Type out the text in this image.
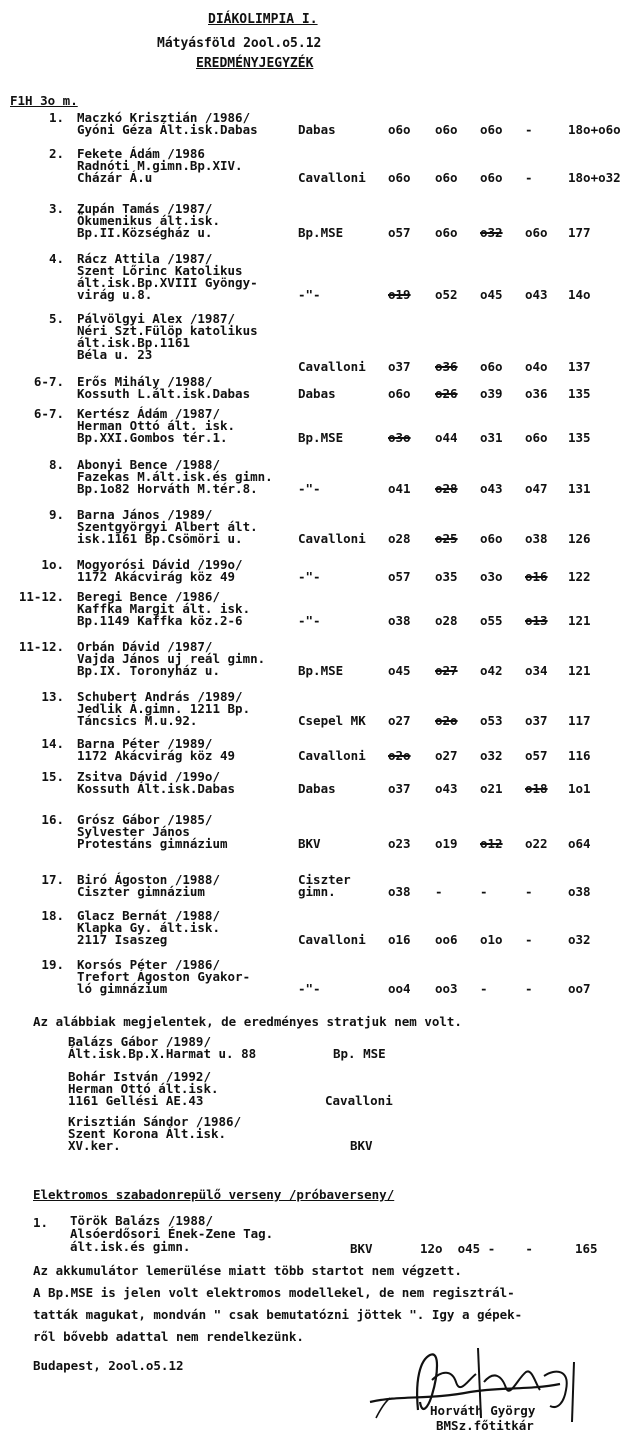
DIÁKOLIMPIA I.
Mátyásföld 2ool.o5.12
EREDMÉNYJEGYZÉK
F1H 3o m.
1. Maczkó Krisztián /1986/
Gyóni Géza Ált.isk.Dabas	Dabas	o6o o6o o6o -	18o+o6o
2. Fekete Ádám /1986
Radnóti M.gimn.Bp.XIV.
Cházár Á.u	Cavalloni o6o o6o o6o -	18o+o32
3. Zupán Tamás /1987/
Ökumenikus ált.isk.
Bp.II.Községház u.	Bp.MSE	o57 o6o o32 o6o 177
4. Rácz Attila /1987/
Szent Lőrinc Katolikus
ált.isk.Bp.XVIII Gyöngy-
virág u.8.	-"-	o19 o52 o45 o43 14o
5. Pálvölgyi Alex /1987/
Néri Szt.Fülöp katolikus
ált.isk.Bp.1161
Béla u. 23
Cavalloni o37 o36 o6o o4o 137
6-7. Erős Mihály /1988/
Kossuth L.ált.isk.Dabas	Dabas	o6o o26 o39 o36 135
6-7. Kertész Ádám /1987/
Herman Ottó ált. isk.
Bp.XXI.Gombos tér.1.	Bp.MSE	o3o o44 o31 o6o 135
8. Abonyi Bence /1988/
Fazekas M.ált.isk.és gimn.
Bp.1o82 Horváth M.tér.8.	-"-	o41 o28 o43 o47 131
9. Barna János /1989/
Szentgyörgyi Albert ált.
isk.1161 Bp.Csömöri u.	Cavalloni o28 o25 o6o o38 126
1o. Mogyorósi Dávid /199o/
1172 Akácvirág köz 49	-"-	o57 o35 o3o o16 122
11-12. Beregi Bence /1986/
Kaffka Margit ált. isk.
Bp.1149 Kaffka köz.2-6	-"-	o38 o28 o55 o13 121
11-12. Orbán Dávid /1987/
Vajda János uj reál gimn.
Bp.IX. Toronyház u.	Bp.MSE	o45 o27 o42 o34 121
13. Schubert András /1989/
Jedlik Á.gimn. 1211 Bp.
Táncsics M.u.92.	Csepel MK o27 o2o o53 o37 117
14. Barna Péter /1989/
1172 Akácvirág köz 49	Cavalloni o2o o27 o32 o57 116
15. Zsitva Dávid /199o/
Kossuth Ált.isk.Dabas	Dabas	o37 o43 o21 o18 1o1
16. Grósz Gábor /1985/
Sylvester János
Protestáns gimnázium	BKV	o23 o19 o12 o22 o64
17. Biró Ágoston /1988/
Ciszter gimnázium
Ciszter
gimn.	o38 -	-	-	o38
18. Glacz Bernát /1988/
Klapka Gy. ált.isk.
2117 Isaszeg	Cavalloni o16 oo6 o1o -	o32
19. Korsós Péter /1986/
Trefort Ágoston Gyakor-
ló gimnázium	-"-	oo4 oo3 -	-	oo7
Az alábbiak megjelentek, de eredményes stratjuk nem volt.
Balázs Gábor /1989/
Ált.isk.Bp.X.Harmat u. 88	Bp. MSE
Bohár István /1992/
Herman Ottó ált.isk.
1161 Gellési AE.43	Cavalloni
Krisztián Sándor /1986/
Szent Korona Ált.isk.
XV.ker.	BKV
Elektromos szabadonrepülő verseny /próbaverseny/
1. Török Balázs /1988/
Alsóerdősori Ének-Zene Tag.
ált.isk.és gimn.	BKV	12o  o45 -    -	165
Az akkumulátor lemerülése miatt több startot nem végzett.
A Bp.MSE is jelen volt elektromos modellekel, de nem regisztrál-
tatták magukat, mondván " csak bemutatózni jöttek ". Igy a gépek-
ről bővebb adattal nem rendelkezünk.
Budapest, 2ool.o5.12
Horváth György
BMSz.főtitkár
